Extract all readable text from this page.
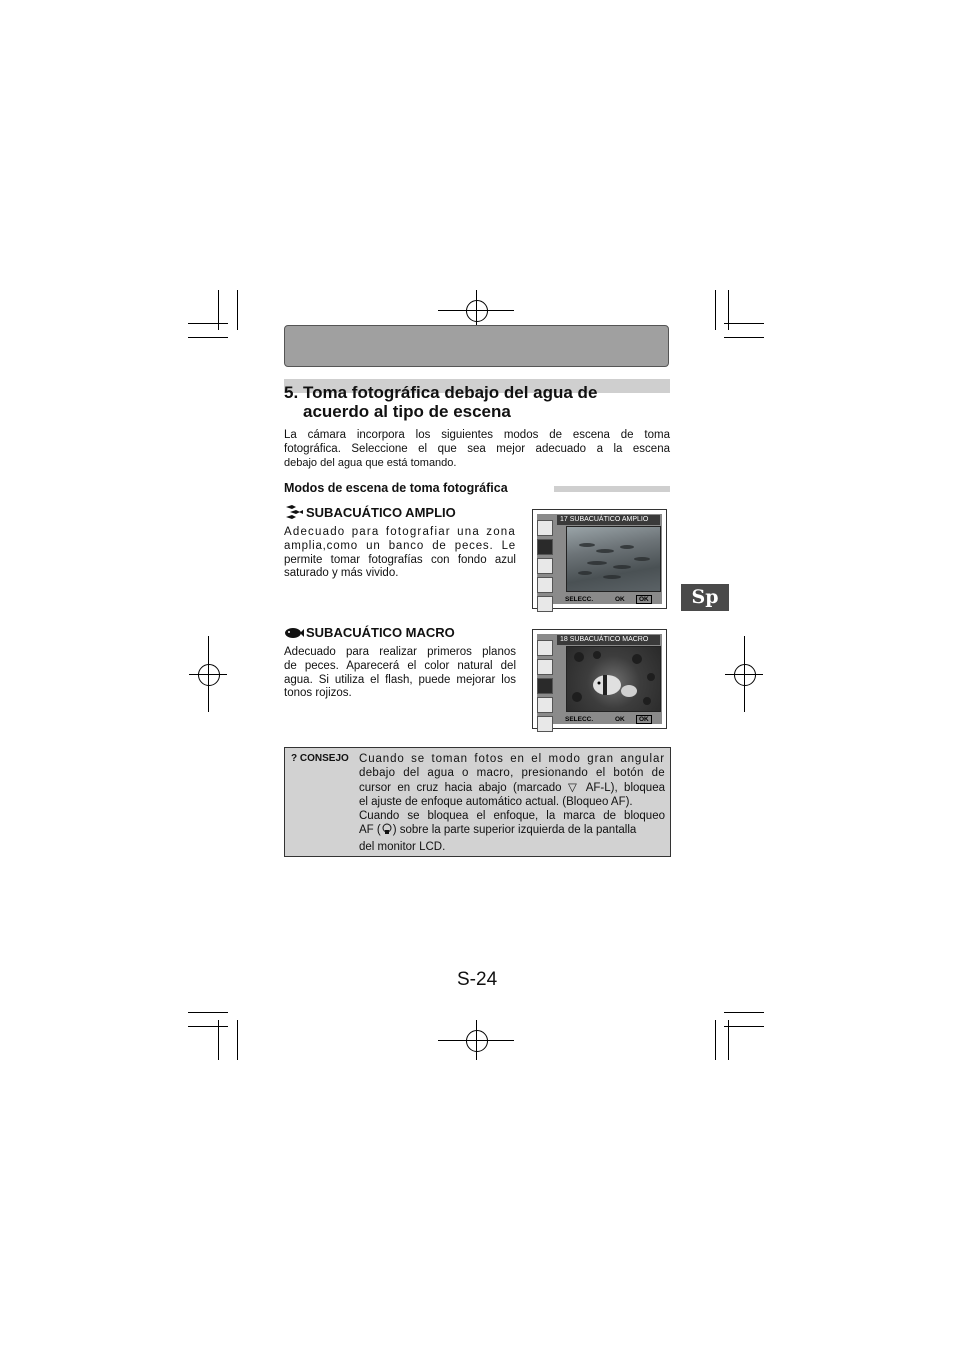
5. Toma fotográfica debajo del agua de
acuerdo al tipo de escena
La cámara incorpora los siguientes modos de escena de toma
fotográfica. Seleccione el que sea mejor adecuado a la escena
debajo del agua que está tomando.
Modos de escena de toma fotográfica
SUBACUÁTICO AMPLIO
Adecuado para fotografiar una zona
amplia,como un banco de peces. Le
permite tomar fotografías con fondo azul
saturado y más vivido.
17 SUBACUÁTICO AMPLIO
SELECC.	OK	OK
SUBACUÁTICO MACRO
Adecuado para realizar primeros planos
de peces. Aparecerá el color natural del
agua. Si utiliza el flash, puede mejorar los
tonos rojizos.
18 SUBACUÁTICO MACRO
SELECC.	OK	OK
Sp
? CONSEJO Cuando se toman fotos en el modo gran angular
debajo del agua o macro, presionando el botón de
cursor en cruz hacia abajo (marcado ▽ AF-L), bloquea
el ajuste de enfoque automático actual. (Bloqueo AF).
Cuando se bloquea el enfoque, la marca de bloqueo
AF ( ) sobre la parte superior izquierda de la pantalla
del monitor LCD.
S-24
